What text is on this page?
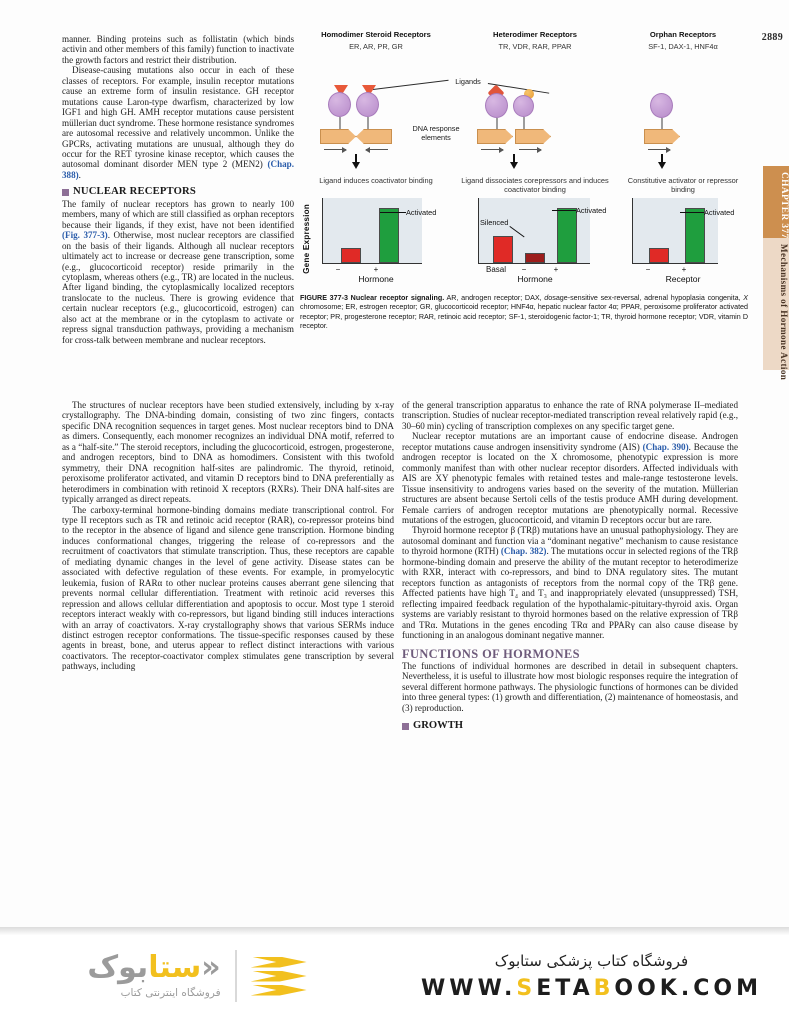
2889

manner. Binding proteins such as follistatin (which binds activin and other members of this family) function to inactivate the growth factors and restrict their distribution.

Disease-causing mutations also occur in each of these classes of receptors. For example, insulin receptor mutations cause an extreme form of insulin resistance. GH receptor mutations cause Laron-type dwarfism, characterized by low IGF1 and high GH. AMH receptor mutations cause persistent müllerian duct syndrome. These hormone resistance syndromes are autosomal recessive and relatively uncommon. Unlike the GPCRs, activating mutations are unusual, although they do occur for the RET tyrosine kinase receptor, which causes the autosomal dominant disorder MEN type 2 (MEN2) (Chap. 388).

NUCLEAR RECEPTORS

The family of nuclear receptors has grown to nearly 100 members, many of which are still classified as orphan receptors because their ligands, if they exist, have not been identified (Fig. 377-3). Otherwise, most nuclear receptors are classified on the basis of their ligands. Although all nuclear receptors ultimately act to increase or decrease gene transcription, some (e.g., glucocorticoid receptor) reside primarily in the cytoplasm, whereas others (e.g., TR) are located in the nucleus. After ligand binding, the cytoplasmically localized receptors translocate to the nucleus. There is growing evidence that certain nuclear receptors (e.g., glucocorticoid, estrogen) can also act at the membrane or in the cytoplasm to activate or repress signal transduction pathways, providing a mechanism for cross-talk between membrane and nuclear receptors.

Homodimer Steroid Receptors
ER, AR, PR, GR
Heterodimer Receptors
TR, VDR, RAR, PPAR
Orphan Receptors
SF-1, DAX-1, HNF4α
Ligands
DNA response elements
Ligand induces coactivator binding	Ligand dissociates corepressors and induces coactivator binding
Constitutive activator or repressor binding
Gene Expression	−	+
Hormone
Activated
Basal	−	+
Hormone
Silenced
Activated
−	+
Receptor
Activated
FIGURE 377-3 Nuclear receptor signaling. AR, androgen receptor; DAX, dosage-sensitive sex-reversal, adrenal hypoplasia congenita, X chromosome; ER, estrogen receptor; GR, glucocorticoid receptor; HNF4α, hepatic nuclear factor 4α; PPAR, peroxisome proliferator activated receptor; PR, progesterone receptor; RAR, retinoic acid receptor; SF-1, steroidogenic factor-1; TR, thyroid hormone receptor; VDR, vitamin D receptor.

The structures of nuclear receptors have been studied extensively, including by x-ray crystallography. The DNA-binding domain, consisting of two zinc fingers, contacts specific DNA recognition sequences in target genes. Most nuclear receptors bind to DNA as dimers. Consequently, each monomer recognizes an individual DNA motif, referred to as a “half-site.” The steroid receptors, including the glucocorticoid, estrogen, progesterone, and androgen receptors, bind to DNA as homodimers. Consistent with this twofold symmetry, their DNA recognition half-sites are palindromic. The thyroid, retinoid, peroxisome proliferator activated, and vitamin D receptors bind to DNA preferentially as heterodimers in combination with retinoid X receptors (RXRs). Their DNA half-sites are typically arranged as direct repeats.

The carboxy-terminal hormone-binding domains mediate transcriptional control. For type II receptors such as TR and retinoic acid receptor (RAR), co-repressor proteins bind to the receptor in the absence of ligand and silence gene transcription. Hormone binding induces conformational changes, triggering the release of co-repressors and the recruitment of coactivators that stimulate transcription. Thus, these receptors are capable of mediating dynamic changes in the level of gene activity. Disease states can be associated with defective regulation of these events. For example, in promyelocytic leukemia, fusion of RARα to other nuclear proteins causes aberrant gene silencing that prevents normal cellular differentiation. Treatment with retinoic acid reverses this repression and allows cellular differentiation and apoptosis to occur. Most type 1 steroid receptors interact weakly with co-repressors, but ligand binding still induces interactions with an array of coactivators. X-ray crystallography shows that various SERMs induce distinct estrogen receptor conformations. The tissue-specific responses caused by these agents in breast, bone, and uterus appear to reflect distinct interactions with various coactivators. The receptor-coactivator complex stimulates gene transcription by several pathways, including

of the general transcription apparatus to enhance the rate of RNA polymerase II–mediated transcription. Studies of nuclear receptor-mediated transcription reveal relatively rapid (e.g., 30–60 min) cycling of transcription complexes on any specific target gene.

Nuclear receptor mutations are an important cause of endocrine disease. Androgen receptor mutations cause androgen insensitivity syndrome (AIS) (Chap. 390). Because the androgen receptor is located on the X chromosome, phenotypic expression is more commonly manifest than with other nuclear receptor disorders. Affected individuals with AIS are XY phenotypic females with retained testes and male-range testosterone levels. Tissue insensitivity to androgens varies based on the severity of the mutation. Müllerian structures are absent because Sertoli cells of the testis produce AMH during development. Female carriers of androgen receptor mutations are phenotypically normal. Recessive mutations of the estrogen, glucocorticoid, and vitamin D receptors occur but are rare.

Thyroid hormone receptor β (TRβ) mutations have an unusual pathophysiology. They are autosomal dominant and function via a “dominant negative” mechanism to cause resistance to thyroid hormone (RTH) (Chap. 382). The mutations occur in selected regions of the TRβ hormone-binding domain and preserve the ability of the mutant receptor to heterodimerize with RXR, interact with co-repressors, and bind to DNA regulatory sites. The mutant receptors function as antagonists of receptors from the normal copy of the TRβ gene. Affected patients have high T₄ and T₃ and inappropriately elevated (unsuppressed) TSH, reflecting impaired feedback regulation of the hypothalamic-pituitary-thyroid axis. Organ systems are variably resistant to thyroid hormones based on the relative expression of TRβ and TRα. Mutations in the genes encoding TRα and PPARγ can also cause disease by functioning in an analogous dominant negative manner.

FUNCTIONS OF HORMONES

The functions of individual hormones are described in detail in subsequent chapters. Nevertheless, it is useful to illustrate how most biologic responses require the integration of several different hormone pathways. The physiologic functions of hormones can be divided into three general types: (1) growth and differentiation, (2) maintenance of homeostasis, and (3) reproduction.

GROWTH
CHAPTER 377
Mechanisms of Hormone Action
«ستابوک
فروشگاه اینترنتی کتاب
فروشگاه کتاب پزشکی ستابوک
WWW.SETABOOK.COM
